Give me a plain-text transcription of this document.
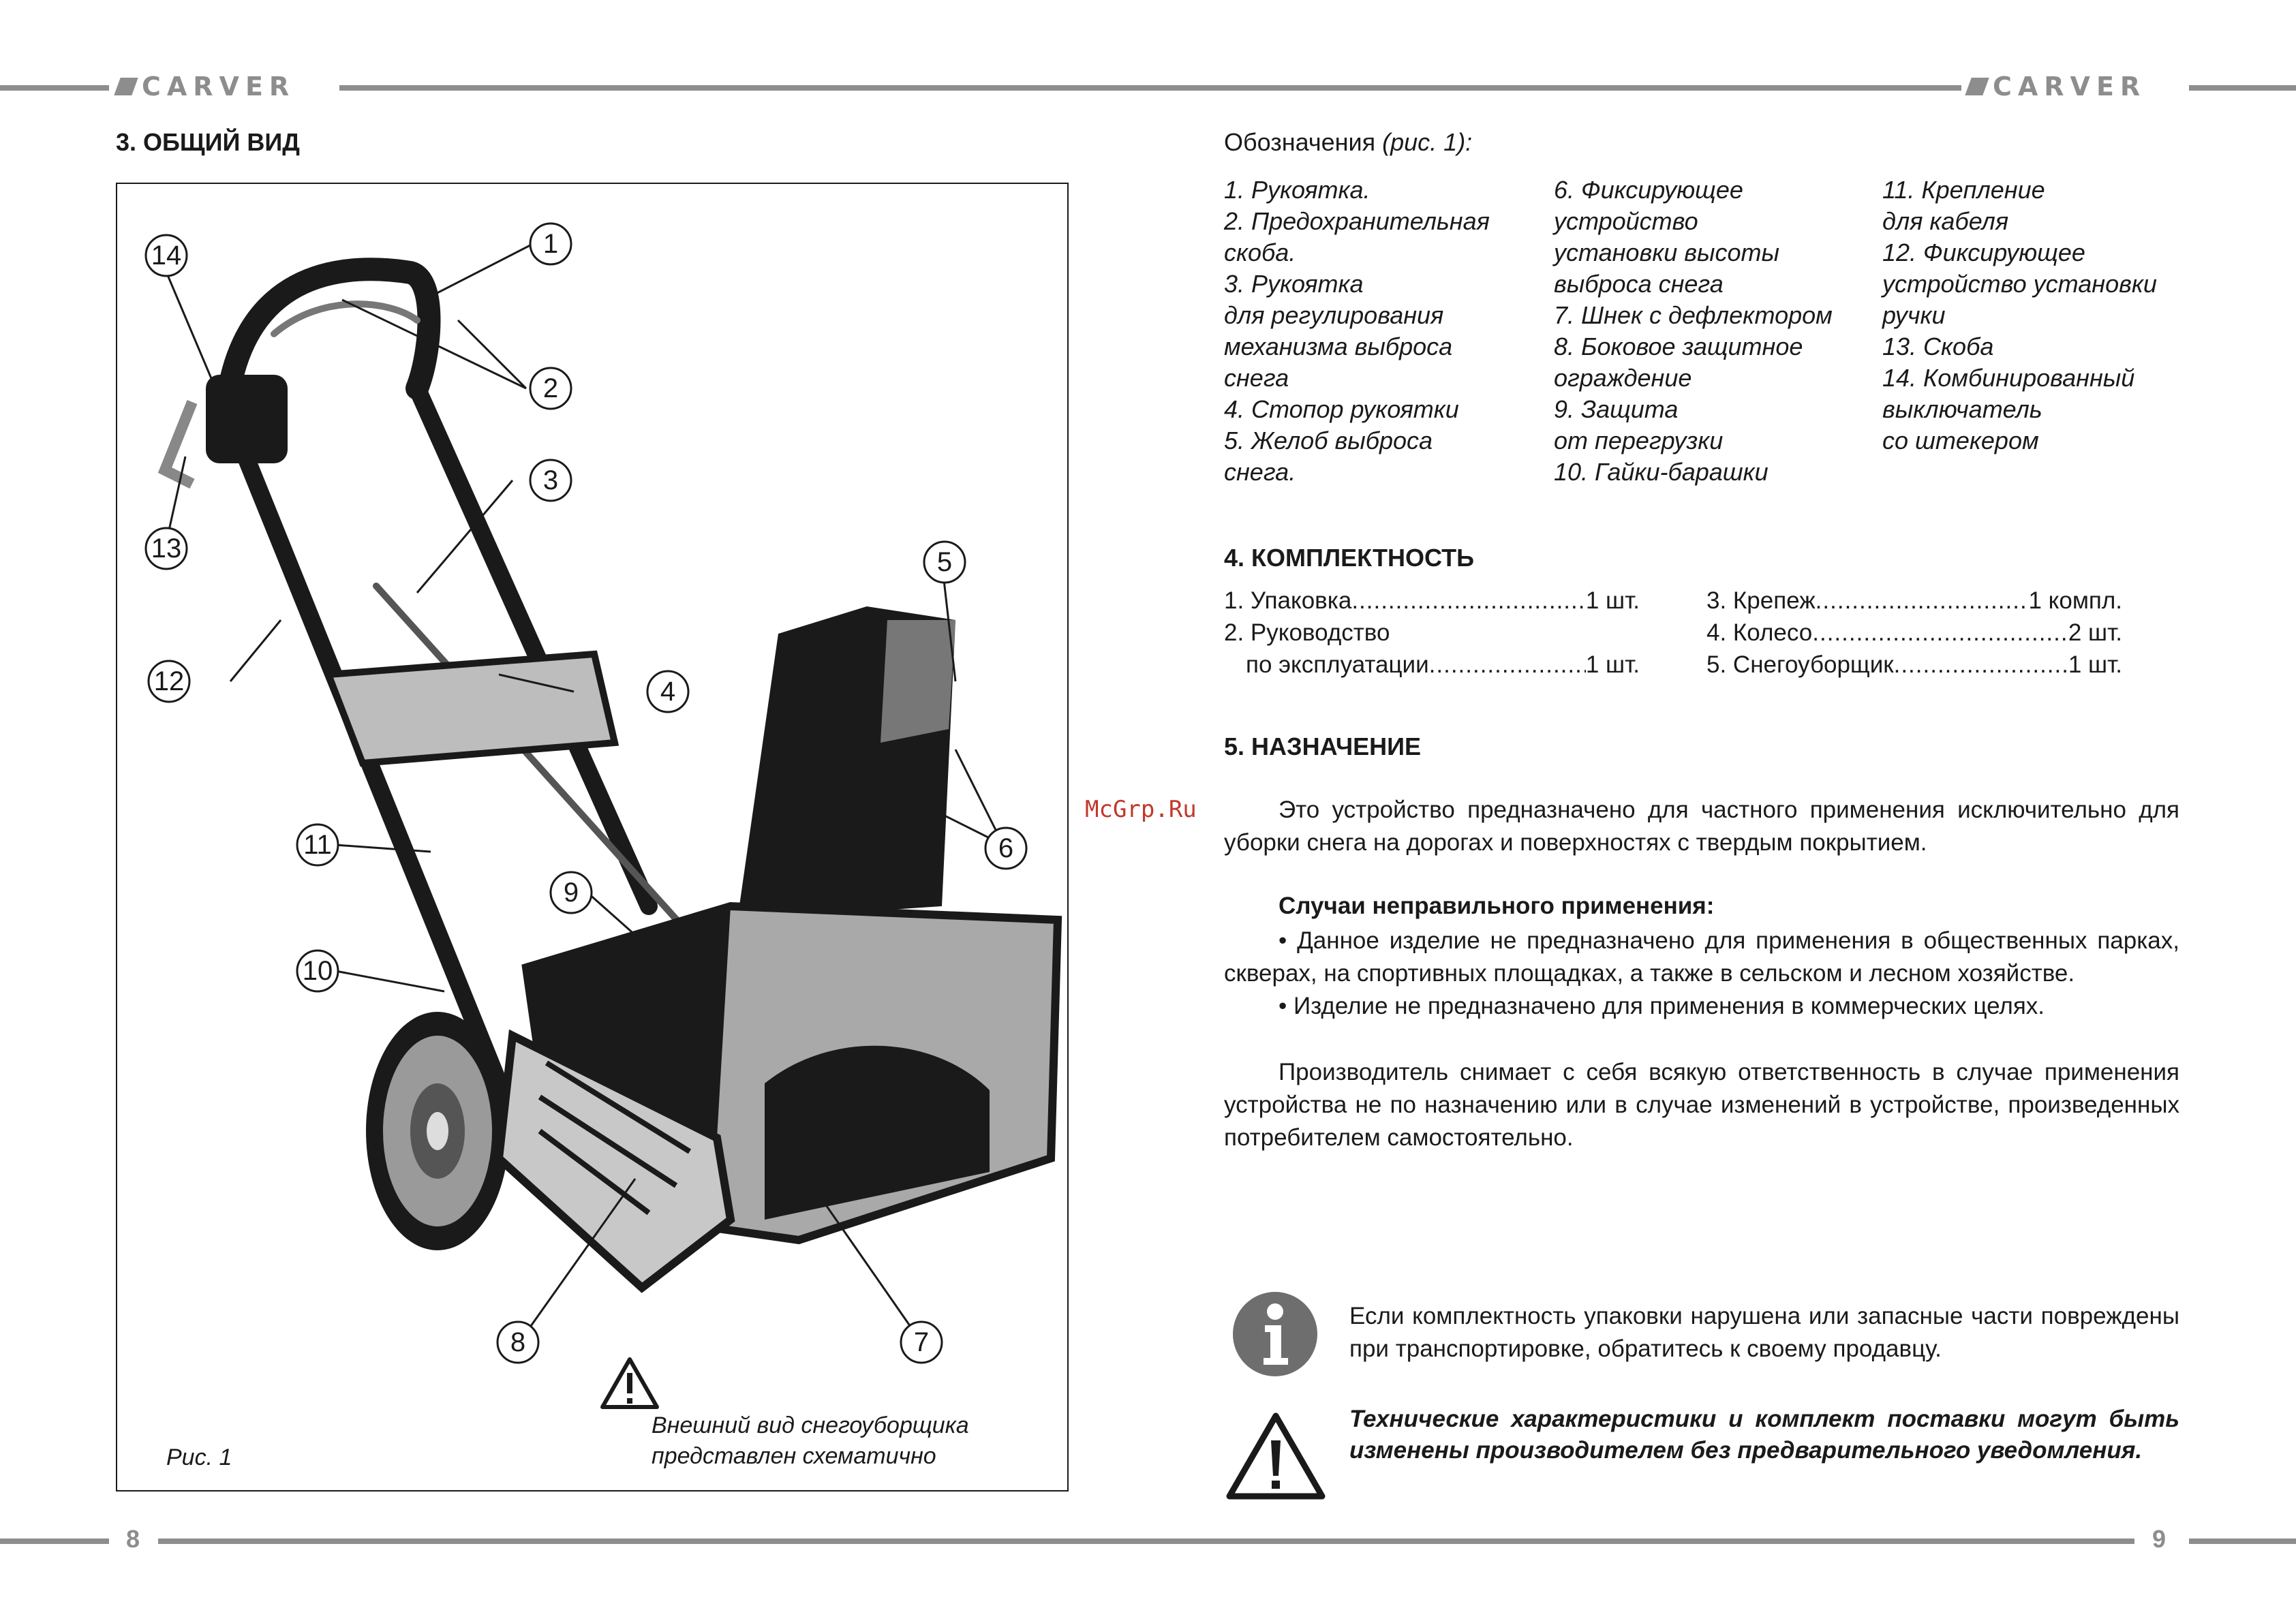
CARVER	CARVER
3. ОБЩИЙ ВИД
1
2
3
4
5
6
7
8
9
10
11
12
13
14
Рис. 1
Внешний вид снегоуборщика
представлен схематично
Обозначения (рис. 1):
1. Рукоятка.
2. Предохранительная
скоба.
3. Рукоятка
для регулирования
механизма выброса
снега
4. Стопор рукоятки
5. Желоб выброса
снега.
6. Фиксирующее
устройство
установки высоты
выброса снега
7. Шнек с дефлектором
8. Боковое защитное
ограждение
9. Защита
от перегрузки
10. Гайки-барашки
11. Крепление
для кабеля
12. Фиксирующее
устройство установки
ручки
13. Скоба
14. Комбинированный
выключатель
со штекером
4. КОМПЛЕКТНОСТЬ
1. Упаковка .....	1 шт.
2. Руководство
по эксплуатации .....	1 шт.
3. Крепеж .....	1 компл.
4. Колесо .....	2 шт.
5. Снегоуборщик .....	1 шт.
5. НАЗНАЧЕНИЕ
McGrp.Ru	Это устройство предназначено для частного применения исключительно для уборки снега на дорогах и поверхностях с твердым покрытием.
Случаи неправильного применения:
• Данное изделие не предназначено для применения в общественных парках, скверах, на спортивных площадках, а также в сельском и лесном хозяйстве.
• Изделие не предназначено для применения в коммерческих целях.
Производитель снимает с себя всякую ответственность в случае применения устройства не по назначению или в случае изменений в устройстве, произведенных потребителем самостоятельно.
Если комплектность упаковки нарушена или запасные части повреждены при транспортировке, обратитесь к своему продавцу.
Технические характеристики и комплект поставки могут быть изменены производителем без предварительного уведомления.
8	9
